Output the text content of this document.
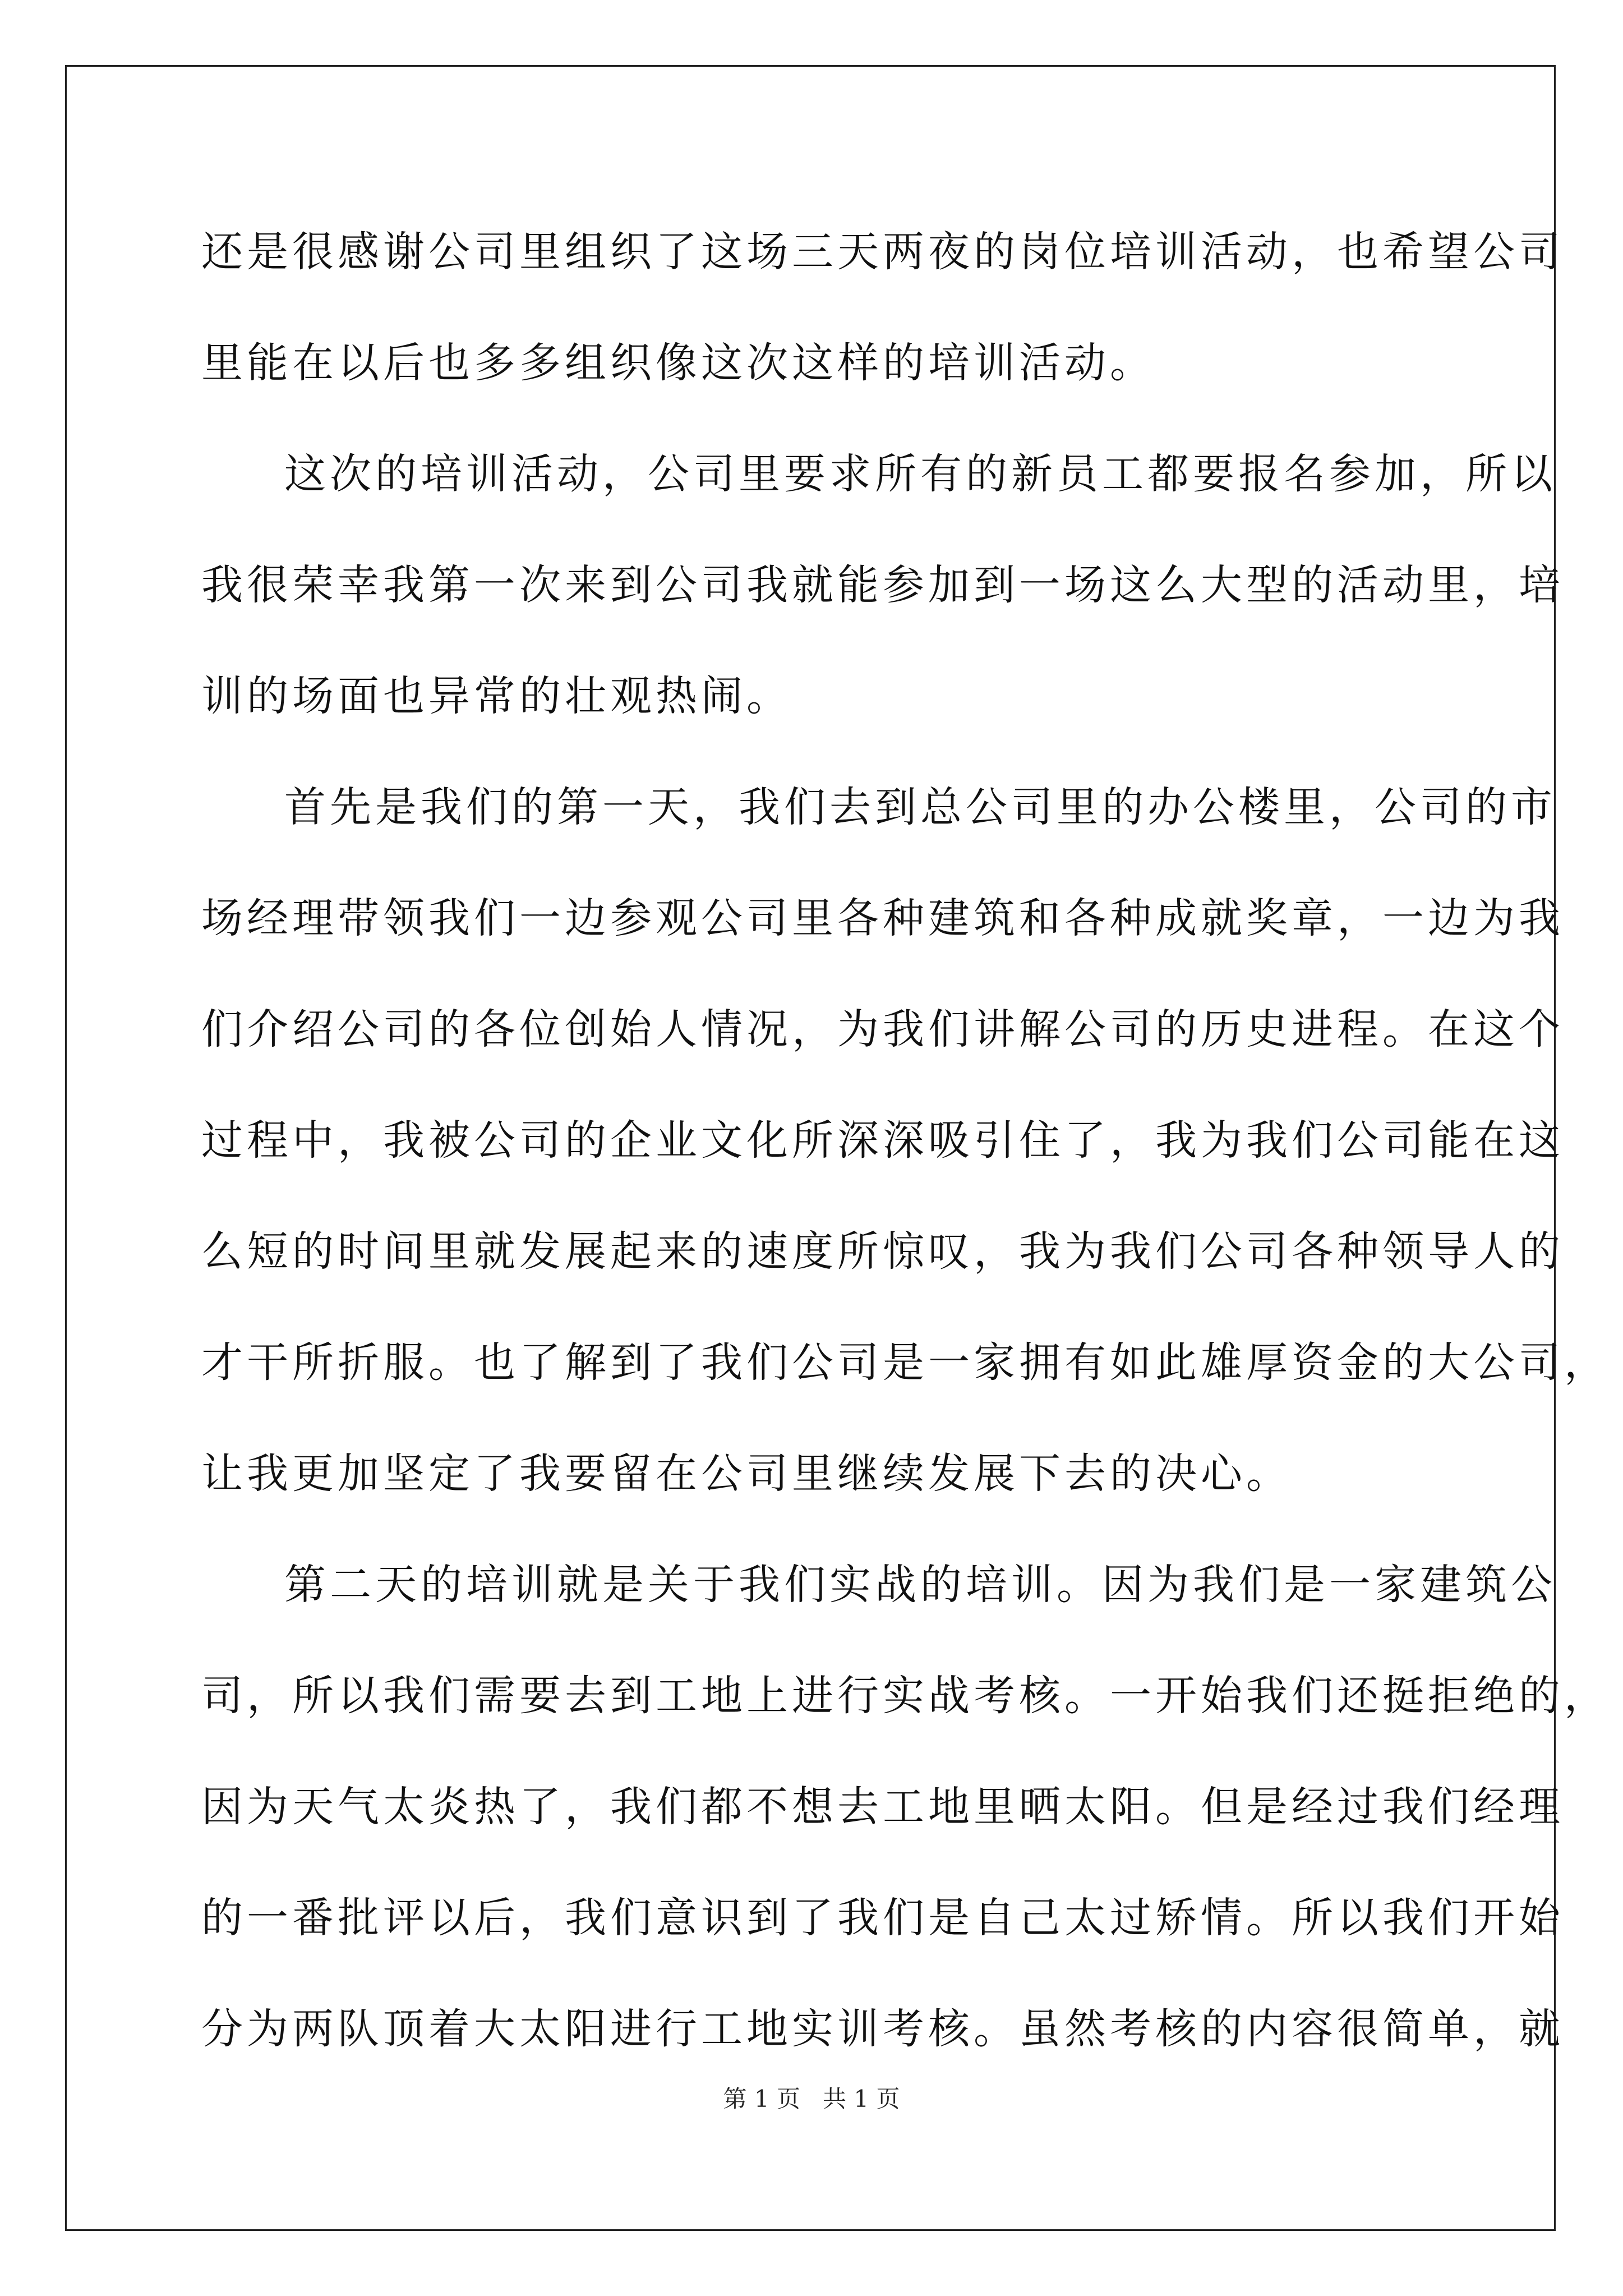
还是很感谢公司里组织了这场三天两夜的岗位培训活动，也希望公司
里能在以后也多多组织像这次这样的培训活动。
这次的培训活动，公司里要求所有的新员工都要报名参加，所以
我很荣幸我第一次来到公司我就能参加到一场这么大型的活动里，培
训的场面也异常的壮观热闹。
首先是我们的第一天，我们去到总公司里的办公楼里，公司的市
场经理带领我们一边参观公司里各种建筑和各种成就奖章，一边为我
们介绍公司的各位创始人情况，为我们讲解公司的历史进程。在这个
过程中，我被公司的企业文化所深深吸引住了，我为我们公司能在这
么短的时间里就发展起来的速度所惊叹，我为我们公司各种领导人的
才干所折服。也了解到了我们公司是一家拥有如此雄厚资金的大公司，
让我更加坚定了我要留在公司里继续发展下去的决心。
第二天的培训就是关于我们实战的培训。因为我们是一家建筑公
司，所以我们需要去到工地上进行实战考核。一开始我们还挺拒绝的，
因为天气太炎热了，我们都不想去工地里晒太阳。但是经过我们经理
的一番批评以后，我们意识到了我们是自己太过矫情。所以我们开始
分为两队顶着大太阳进行工地实训考核。虽然考核的内容很简单，就
第 1 页   共 1 页
